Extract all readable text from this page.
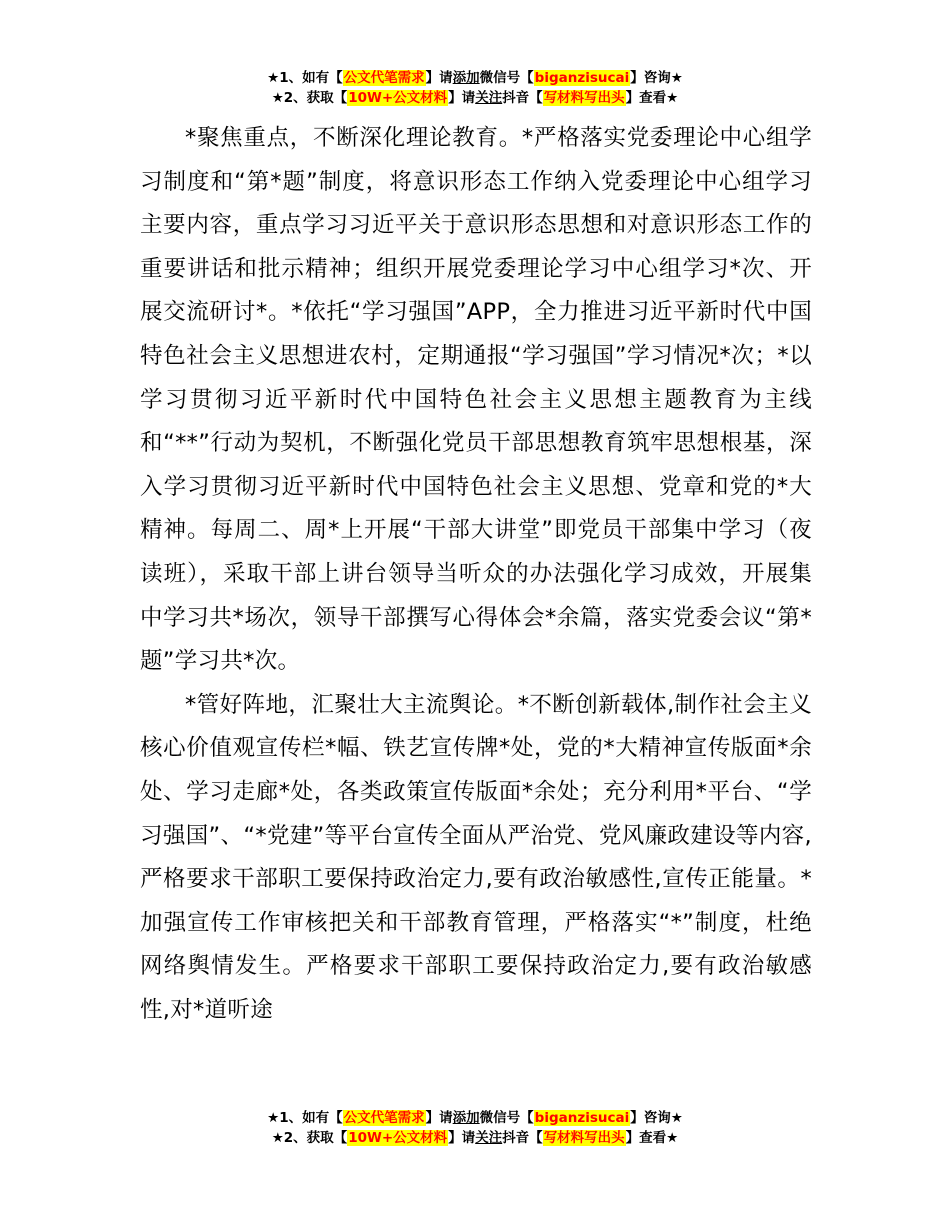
★1、如有【公文代笔需求】请添加微信号【biganzisucai】咨询★
★2、获取【10W+公文材料】请关注抖音【写材料写出头】查看★

*聚焦重点，不断深化理论教育。*严格落实党委理论中心组学习制度和“第*题”制度，将意识形态工作纳入党委理论中心组学习主要内容，重点学习习近平关于意识形态思想和对意识形态工作的重要讲话和批示精神；组织开展党委理论学习中心组学习*次、开展交流研讨*。*依托“学习强国”APP，全力推进习近平新时代中国特色社会主义思想进农村，定期通报“学习强国”学习情况*次；*以学习贯彻习近平新时代中国特色社会主义思想主题教育为主线和“**”行动为契机，不断强化党员干部思想教育筑牢思想根基，深入学习贯彻习近平新时代中国特色社会主义思想、党章和党的*大精神。每周二、周*上开展“干部大讲堂”即党员干部集中学习（夜读班），采取干部上讲台领导当听众的办法强化学习成效，开展集中学习共*场次，领导干部撰写心得体会*余篇，落实党委会议“第*题”学习共*次。

*管好阵地，汇聚壮大主流舆论。*不断创新载体,制作社会主义核心价值观宣传栏*幅、铁艺宣传牌*处，党的*大精神宣传版面*余处、学习走廊*处，各类政策宣传版面*余处；充分利用*平台、“学习强国”、“*党建”等平台宣传全面从严治党、党风廉政建设等内容,严格要求干部职工要保持政治定力,要有政治敏感性,宣传正能量。*加强宣传工作审核把关和干部教育管理，严格落实“*”制度，杜绝网络舆情发生。严格要求干部职工要保持政治定力,要有政治敏感性,对*道听途

★1、如有【公文代笔需求】请添加微信号【biganzisucai】咨询★
★2、获取【10W+公文材料】请关注抖音【写材料写出头】查看★
